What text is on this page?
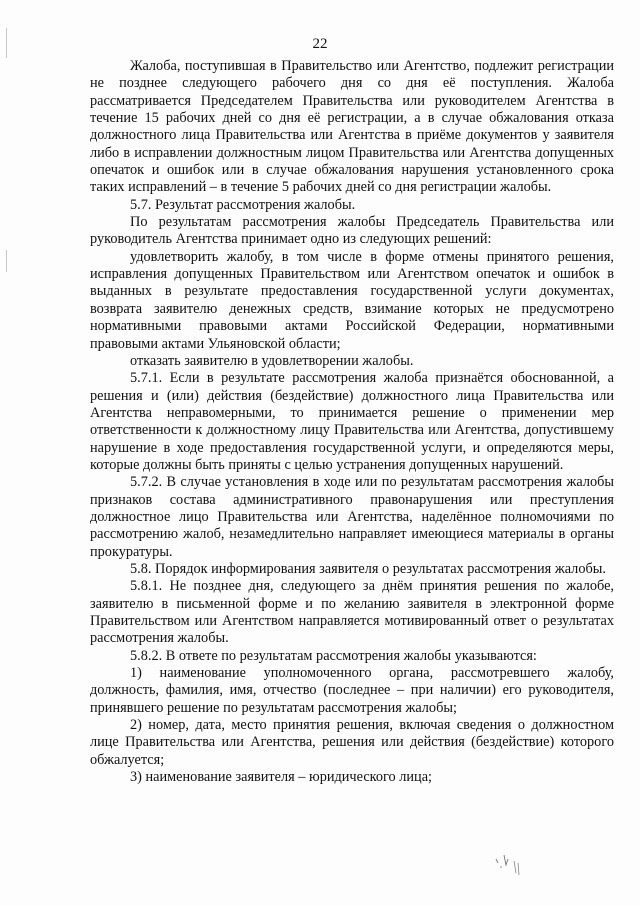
22

Жалоба, поступившая в Правительство или Агентство, подлежит регистрации не позднее следующего рабочего дня со дня её поступления. Жалоба рассматривается Председателем Правительства или руководителем Агентства в течение 15 рабочих дней со дня её регистрации, а в случае обжалования отказа должностного лица Правительства или Агентства в приёме документов у заявителя либо в исправлении должностным лицом Правительства или Агентства допущенных опечаток и ошибок или в случае обжалования нарушения установленного срока таких исправлений – в течение 5 рабочих дней со дня регистрации жалобы.

5.7. Результат рассмотрения жалобы.

По результатам рассмотрения жалобы Председатель Правительства или руководитель Агентства принимает одно из следующих решений:

удовлетворить жалобу, в том числе в форме отмены принятого решения, исправления допущенных Правительством или Агентством опечаток и ошибок в выданных в результате предоставления государственной услуги документах, возврата заявителю денежных средств, взимание которых не предусмотрено нормативными правовыми актами Российской Федерации, нормативными правовыми актами Ульяновской области;

отказать заявителю в удовлетворении жалобы.

5.7.1. Если в результате рассмотрения жалоба признаётся обоснованной, а решения и (или) действия (бездействие) должностного лица Правительства или Агентства неправомерными, то принимается решение о применении мер ответственности к должностному лицу Правительства или Агентства, допустившему нарушение в ходе предоставления государственной услуги, и определяются меры, которые должны быть приняты с целью устранения допущенных нарушений.

5.7.2. В случае установления в ходе или по результатам рассмотрения жалобы признаков состава административного правонарушения или преступления должностное лицо Правительства или Агентства, наделённое полномочиями по рассмотрению жалоб, незамедлительно направляет имеющиеся материалы в органы прокуратуры.

5.8. Порядок информирования заявителя о результатах рассмотрения жалобы.

5.8.1. Не позднее дня, следующего за днём принятия решения по жалобе, заявителю в письменной форме и по желанию заявителя в электронной форме Правительством или Агентством направляется мотивированный ответ о результатах рассмотрения жалобы.

5.8.2. В ответе по результатам рассмотрения жалобы указываются:

1) наименование уполномоченного органа, рассмотревшего жалобу, должность, фамилия, имя, отчество (последнее – при наличии) его руководителя, принявшего решение по результатам рассмотрения жалобы;

2) номер, дата, место принятия решения, включая сведения о должностном лице Правительства или Агентства, решения или действия (бездействие) которого обжалуется;

3) наименование заявителя – юридического лица;
